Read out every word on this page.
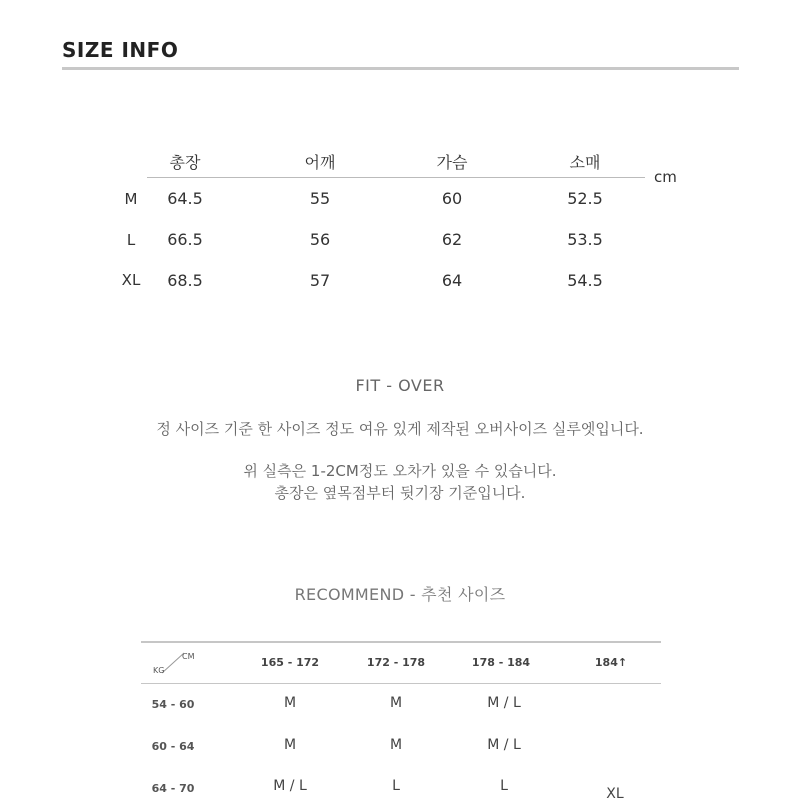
SIZE INFO
총장	어깨	가슴	소매
cm
M	64.5	55	60	52.5
L	66.5	56	62	53.5
XL	68.5	57	64	54.5
FIT - OVER
정 사이즈 기준 한 사이즈 정도 여유 있게 제작된 오버사이즈 실루엣입니다.
위 실측은 1-2CM정도 오차가 있을 수 있습니다.
총장은 옆목점부터 뒷기장 기준입니다.
RECOMMEND - 추천 사이즈
CM
KG
165 - 172	172 - 178	178 - 184	184↑
54 - 60	M	M	M / L
60 - 64	M	M	M / L
64 - 70	M / L	L	L	XL
